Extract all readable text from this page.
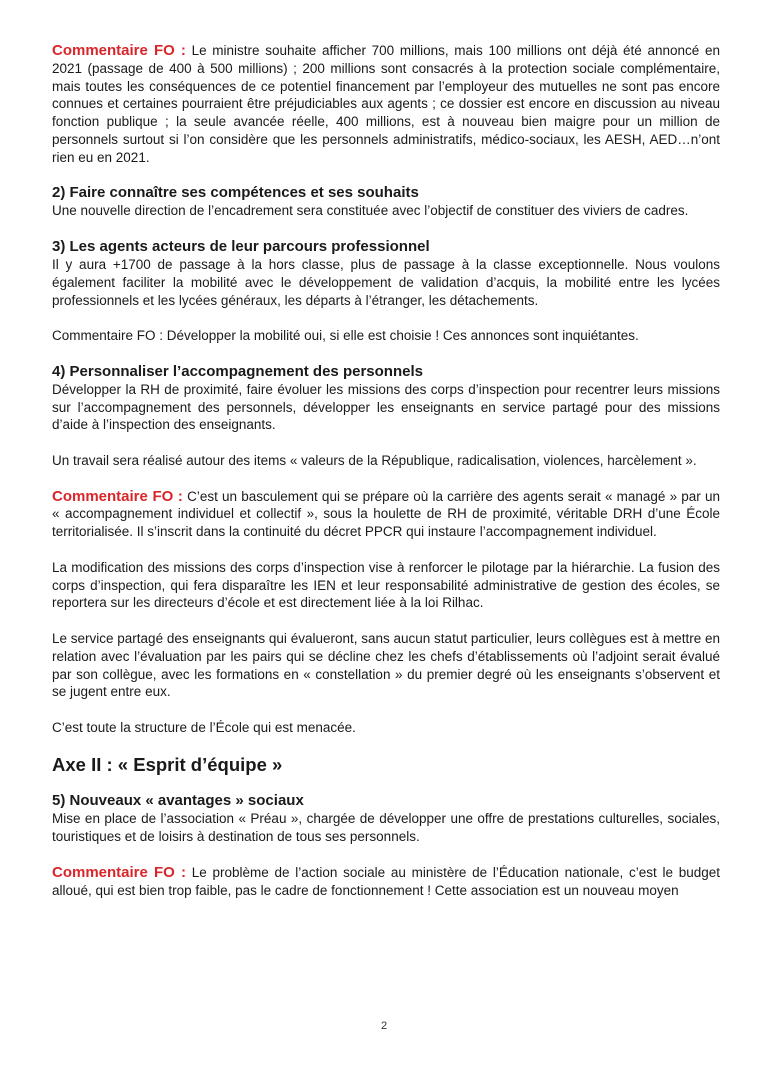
Commentaire FO : Le ministre souhaite afficher 700 millions, mais 100 millions ont déjà été annoncé en 2021 (passage de 400 à 500 millions) ; 200 millions sont consacrés à la protection sociale complémentaire, mais toutes les conséquences de ce potentiel financement par l’employeur des mutuelles ne sont pas encore connues et certaines pourraient être préjudiciables aux agents ; ce dossier est encore en discussion au niveau fonction publique ; la seule avancée réelle, 400 millions, est à nouveau bien maigre pour un million de personnels surtout si l’on considère que les personnels administratifs, médico-sociaux, les AESH, AED…n’ont rien eu en 2021.

2) Faire connaître ses compétences et ses souhaits

Une nouvelle direction de l’encadrement sera constituée avec l’objectif de constituer des viviers de cadres.

3) Les agents acteurs de leur parcours professionnel

Il y aura +1700 de passage à la hors classe, plus de passage à la classe exceptionnelle. Nous voulons également faciliter la mobilité avec le développement de validation d’acquis, la mobilité entre les lycées professionnels et les lycées généraux, les départs à l’étranger, les détachements.

Commentaire FO : Développer la mobilité oui, si elle est choisie ! Ces annonces sont inquiétantes.

4) Personnaliser l’accompagnement des personnels

Développer la RH de proximité, faire évoluer les missions des corps d’inspection pour recentrer leurs missions sur l’accompagnement des personnels, développer les enseignants en service partagé pour des missions d’aide à l’inspection des enseignants.

Un travail sera réalisé autour des items « valeurs de la République, radicalisation, violences, harcèlement ».

Commentaire FO : C’est un basculement qui se prépare où la carrière des agents serait « managé » par un « accompagnement individuel et collectif », sous la houlette de RH de proximité, véritable DRH d’une École territorialisée. Il s’inscrit dans la continuité du décret PPCR qui instaure l’accompagnement individuel.

La modification des missions des corps d’inspection vise à renforcer le pilotage par la hiérarchie. La fusion des corps d’inspection, qui fera disparaître les IEN et leur responsabilité administrative de gestion des écoles, se reportera sur les directeurs d’école et est directement liée à la loi Rilhac.

Le service partagé des enseignants qui évalueront, sans aucun statut particulier, leurs collègues est à mettre en relation avec l’évaluation par les pairs qui se décline chez les chefs d’établissements où l’adjoint serait évalué par son collègue, avec les formations en « constellation » du premier degré où les enseignants s’observent et se jugent entre eux.

C’est toute la structure de l’École qui est menacée.

Axe II : « Esprit d’équipe »
5) Nouveaux « avantages » sociaux

Mise en place de l’association « Préau », chargée de développer une offre de prestations culturelles, sociales, touristiques et de loisirs à destination de tous ses personnels.

Commentaire FO : Le problème de l’action sociale au ministère de l’Éducation nationale, c’est le budget alloué, qui est bien trop faible, pas le cadre de fonctionnement ! Cette association est un nouveau moyen

2
